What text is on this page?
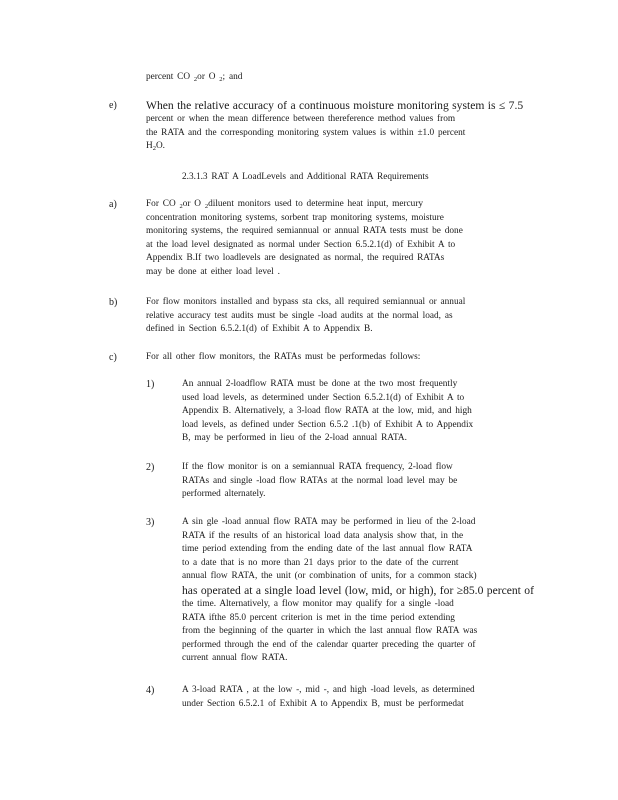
percent CO $_2$or O $_2$; and
e)	When the relative accuracy of a continuous moisture monitoring system is ≤ 7.5
percent or when the mean difference between thereference method values from
the RATA and the corresponding monitoring system values is within ±1.0 percent
$H_2O$.
2.3.1.3 RAT A LoadLevels and Additional RATA Requirements
a)	For CO $_2$or O $_2$diluent monitors used to determine heat input, mercury
concentration monitoring systems, sorbent trap monitoring systems, moisture
monitoring systems, the required semiannual or annual RATA tests must be done
at the load level designated as normal under Section 6.5.2.1(d) of Exhibit A to
Appendix B.If two loadlevels are designated as normal, the required RATAs
may be done at either load level .
b)	For flow monitors installed and bypass sta cks, all required semiannual or annual
relative accuracy test audits must be single -load audits at the normal load, as
defined in Section 6.5.2.1(d) of Exhibit A to Appendix B.
c)	For all other flow monitors, the RATAs must be performedas follows:
1)	An annual 2-loadflow RATA must be done at the two most frequently
used load levels, as determined under Section 6.5.2.1(d) of Exhibit A to
Appendix B. Alternatively, a 3-load flow RATA at the low, mid, and high
load levels, as defined under Section 6.5.2 .1(b) of Exhibit A to Appendix
B, may be performed in lieu of the 2-load annual RATA.
2)	If the flow monitor is on a semiannual RATA frequency, 2-load flow
RATAs and single -load flow RATAs at the normal load level may be
performed alternately.
3)	A sin gle -load annual flow RATA may be performed in lieu of the 2-load
RATA if the results of an historical load data analysis show that, in the
time period extending from the ending date of the last annual flow RATA
to a date that is no more than 21 days prior to the date of the current
annual flow RATA, the unit (or combination of units, for a common stack)
has operated at a single load level (low, mid, or high), for ≥85.0 percent of
the time. Alternatively, a flow monitor may qualify for a single -load
RATA ifthe 85.0 percent criterion is met in the time period extending
from the beginning of the quarter in which the last annual flow RATA was
performed through the end of the calendar quarter preceding the quarter of
current annual flow RATA.
4)	A 3-load RATA , at the low -, mid -, and high -load levels, as determined
under Section 6.5.2.1 of Exhibit A to Appendix B, must be performedat
